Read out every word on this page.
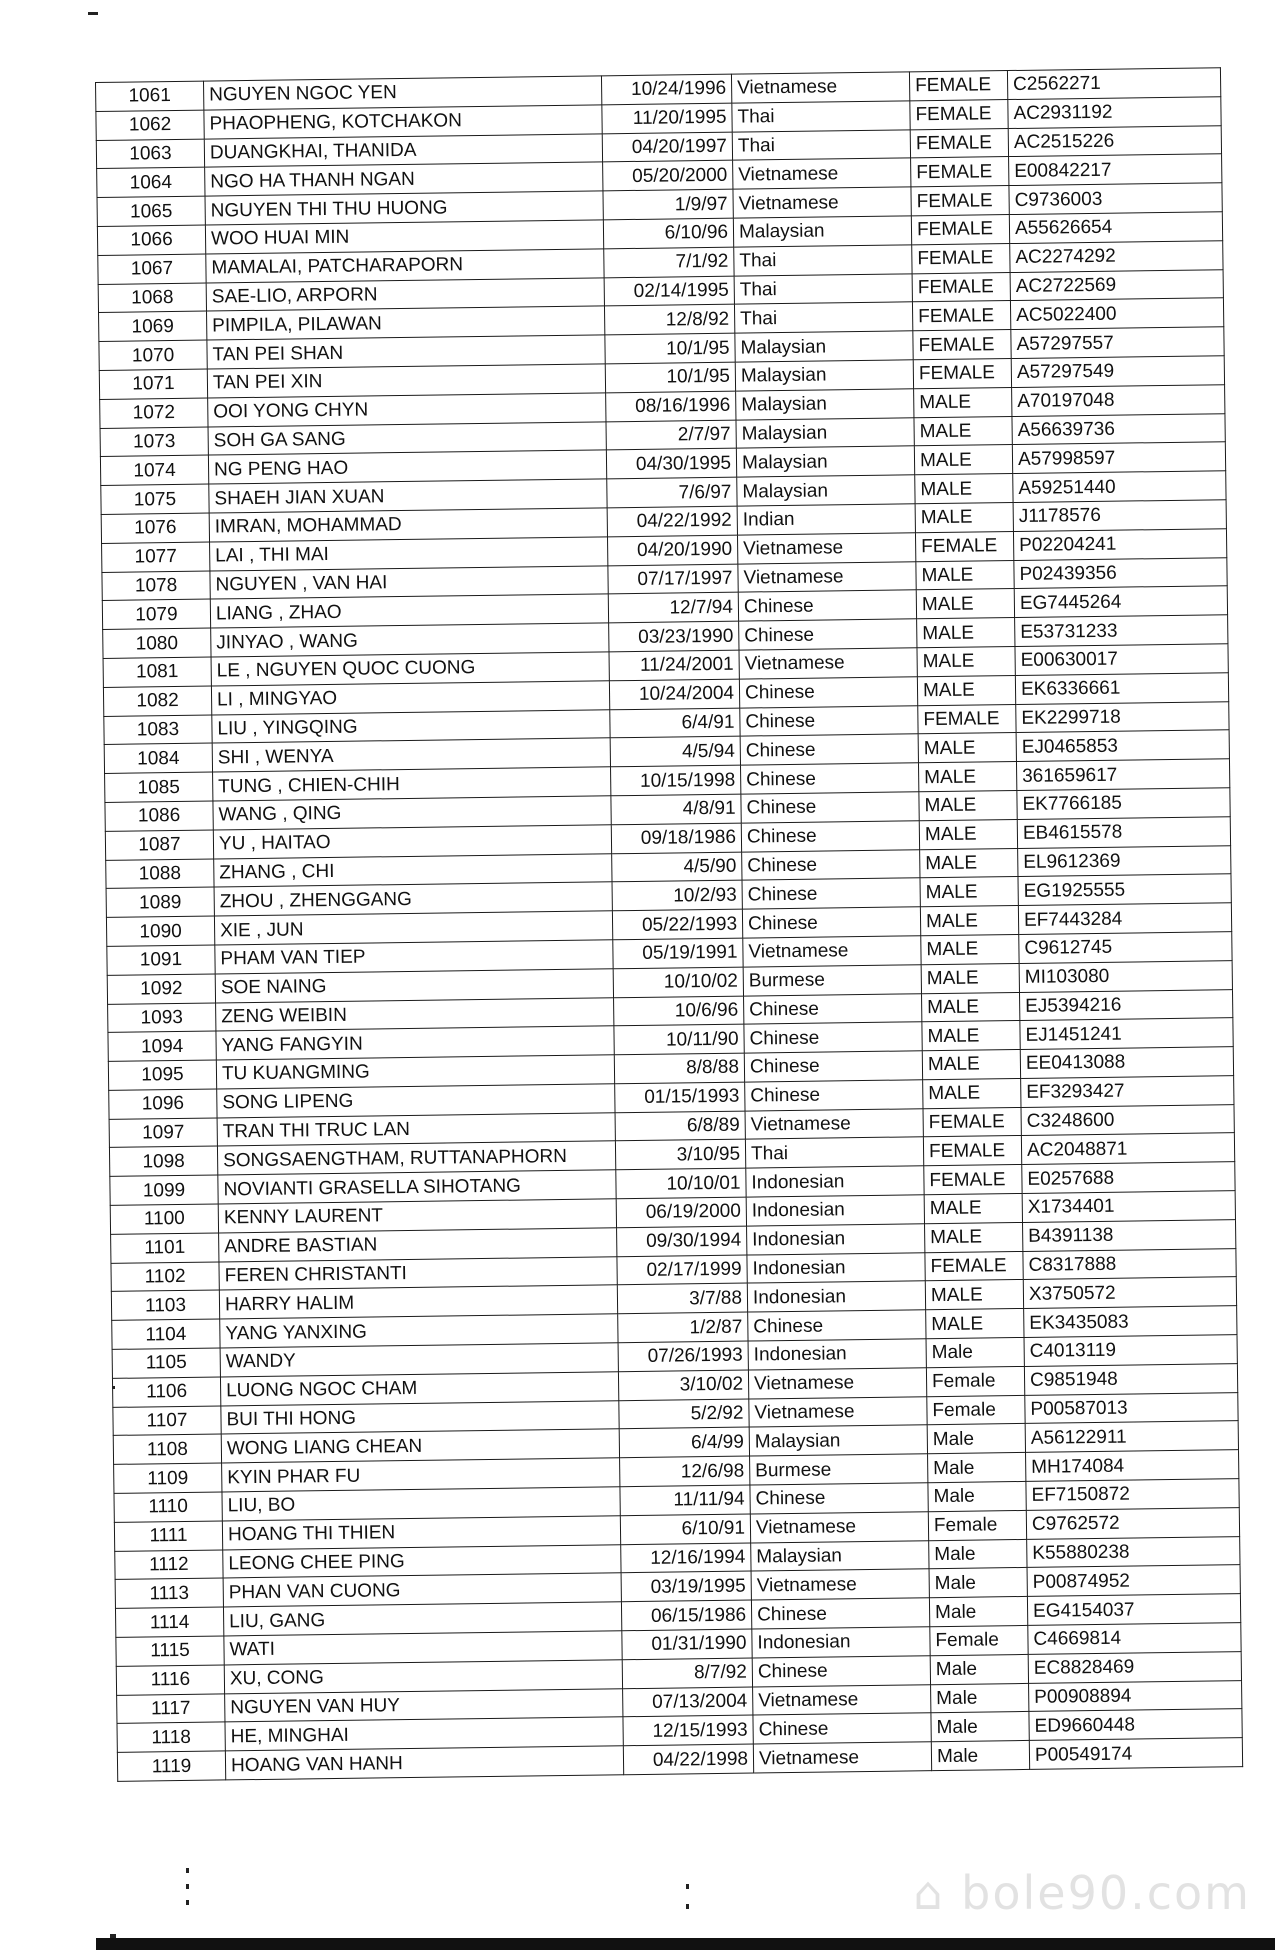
1061	NGUYEN NGOC YEN	10/24/1996	Vietnamese	FEMALE	C2562271
1062	PHAOPHENG, KOTCHAKON	11/20/1995	Thai	FEMALE	AC2931192
1063	DUANGKHAI, THANIDA	04/20/1997	Thai	FEMALE	AC2515226
1064	NGO HA THANH NGAN	05/20/2000	Vietnamese	FEMALE	E00842217
1065	NGUYEN THI THU HUONG	1/9/97	Vietnamese	FEMALE	C9736003
1066	WOO HUAI MIN	6/10/96	Malaysian	FEMALE	A55626654
1067	MAMALAI, PATCHARAPORN	7/1/92	Thai	FEMALE	AC2274292
1068	SAE-LIO, ARPORN	02/14/1995	Thai	FEMALE	AC2722569
1069	PIMPILA, PILAWAN	12/8/92	Thai	FEMALE	AC5022400
1070	TAN PEI SHAN	10/1/95	Malaysian	FEMALE	A57297557
1071	TAN PEI XIN	10/1/95	Malaysian	FEMALE	A57297549
1072	OOI YONG CHYN	08/16/1996	Malaysian	MALE	A70197048
1073	SOH GA SANG	2/7/97	Malaysian	MALE	A56639736
1074	NG PENG HAO	04/30/1995	Malaysian	MALE	A57998597
1075	SHAEH JIAN XUAN	7/6/97	Malaysian	MALE	A59251440
1076	IMRAN, MOHAMMAD	04/22/1992	Indian	MALE	J1178576
1077	LAI , THI MAI	04/20/1990	Vietnamese	FEMALE	P02204241
1078	NGUYEN , VAN HAI	07/17/1997	Vietnamese	MALE	P02439356
1079	LIANG , ZHAO	12/7/94	Chinese	MALE	EG7445264
1080	JINYAO , WANG	03/23/1990	Chinese	MALE	E53731233
1081	LE , NGUYEN QUOC CUONG	11/24/2001	Vietnamese	MALE	E00630017
1082	LI , MINGYAO	10/24/2004	Chinese	MALE	EK6336661
1083	LIU , YINGQING	6/4/91	Chinese	FEMALE	EK2299718
1084	SHI , WENYA	4/5/94	Chinese	MALE	EJ0465853
1085	TUNG , CHIEN-CHIH	10/15/1998	Chinese	MALE	361659617
1086	WANG , QING	4/8/91	Chinese	MALE	EK7766185
1087	YU , HAITAO	09/18/1986	Chinese	MALE	EB4615578
1088	ZHANG , CHI	4/5/90	Chinese	MALE	EL9612369
1089	ZHOU , ZHENGGANG	10/2/93	Chinese	MALE	EG1925555
1090	XIE , JUN	05/22/1993	Chinese	MALE	EF7443284
1091	PHAM VAN TIEP	05/19/1991	Vietnamese	MALE	C9612745
1092	SOE NAING	10/10/02	Burmese	MALE	MI103080
1093	ZENG WEIBIN	10/6/96	Chinese	MALE	EJ5394216
1094	YANG FANGYIN	10/11/90	Chinese	MALE	EJ1451241
1095	TU KUANGMING	8/8/88	Chinese	MALE	EE0413088
1096	SONG LIPENG	01/15/1993	Chinese	MALE	EF3293427
1097	TRAN THI TRUC LAN	6/8/89	Vietnamese	FEMALE	C3248600
1098	SONGSAENGTHAM, RUTTANAPHORN	3/10/95	Thai	FEMALE	AC2048871
1099	NOVIANTI GRASELLA SIHOTANG	10/10/01	Indonesian	FEMALE	E0257688
1100	KENNY LAURENT	06/19/2000	Indonesian	MALE	X1734401
1101	ANDRE BASTIAN	09/30/1994	Indonesian	MALE	B4391138
1102	FEREN CHRISTANTI	02/17/1999	Indonesian	FEMALE	C8317888
1103	HARRY HALIM	3/7/88	Indonesian	MALE	X3750572
1104	YANG YANXING	1/2/87	Chinese	MALE	EK3435083
1105	WANDY	07/26/1993	Indonesian	Male	C4013119
1106	LUONG NGOC CHAM	3/10/02	Vietnamese	Female	C9851948
1107	BUI THI HONG	5/2/92	Vietnamese	Female	P00587013
1108	WONG LIANG CHEAN	6/4/99	Malaysian	Male	A56122911
1109	KYIN PHAR FU	12/6/98	Burmese	Male	MH174084
1110	LIU, BO	11/11/94	Chinese	Male	EF7150872
1111	HOANG THI THIEN	6/10/91	Vietnamese	Female	C9762572
1112	LEONG CHEE PING	12/16/1994	Malaysian	Male	K55880238
1113	PHAN VAN CUONG	03/19/1995	Vietnamese	Male	P00874952
1114	LIU, GANG	06/15/1986	Chinese	Male	EG4154037
1115	WATI	01/31/1990	Indonesian	Female	C4669814
1116	XU, CONG	8/7/92	Chinese	Male	EC8828469
1117	NGUYEN VAN HUY	07/13/2004	Vietnamese	Male	P00908894
1118	HE, MINGHAI	12/15/1993	Chinese	Male	ED9660448
1119	HOANG VAN HANH	04/22/1998	Vietnamese	Male	P00549174
⌂ bole90.com
